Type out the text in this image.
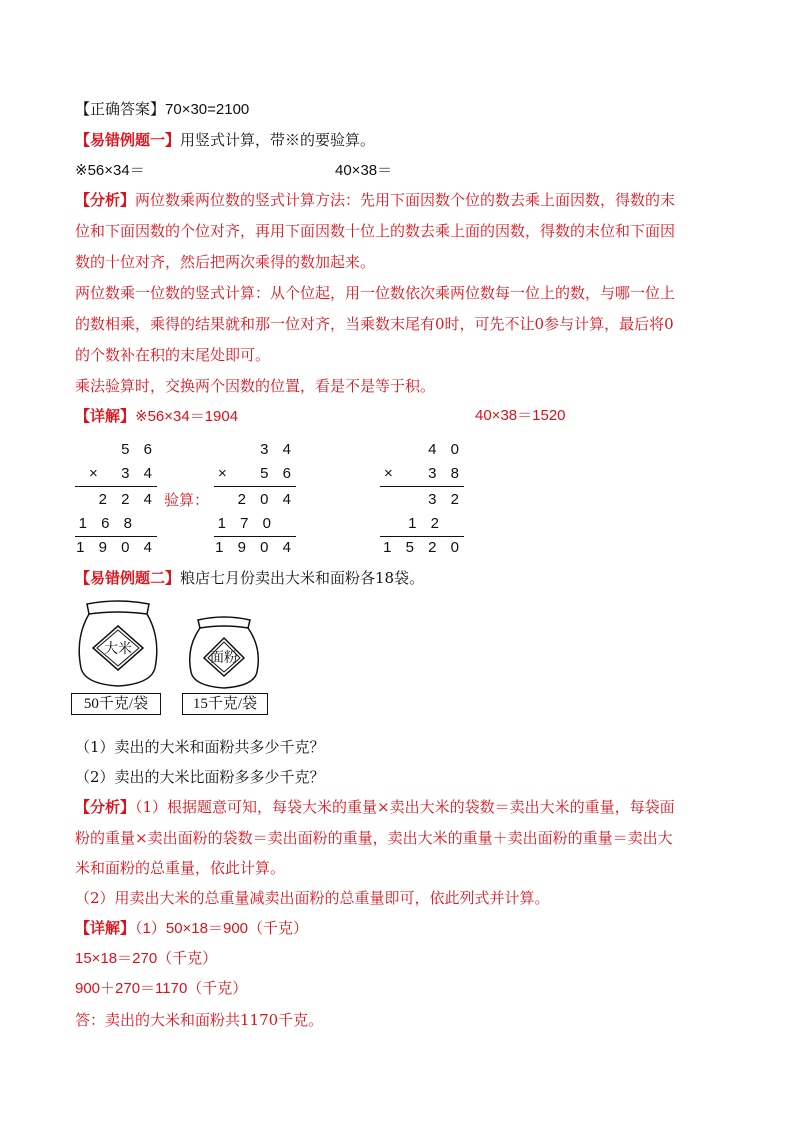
【正确答案】70×30=2100
【易错例题一】用竖式计算，带※的要验算。
※56×34＝	40×38＝
【分析】两位数乘两位数的竖式计算方法：先用下面因数个位的数去乘上面因数，得数的末
位和下面因数的个位对齐，再用下面因数十位上的数去乘上面的因数，得数的末位和下面因
数的十位对齐，然后把两次乘得的数加起来。
两位数乘一位数的竖式计算：从个位起，用一位数依次乘两位数每一位上的数，与哪一位上
的数相乘，乘得的结果就和那一位对齐，当乘数末尾有0时，可先不让0参与计算，最后将0
的个数补在积的末尾处即可。
乘法验算时，交换两个因数的位置，看是不是等于积。
【详解】※56×34＝1904	40×38＝1520
5 6
× 3 4
2 2 4
1 6 8
1 9 0 4
验算：
3 4
× 5 6
2 0 4
1 7 0
1 9 0 4
4 0
× 3 8
3 2
1 2
1 5 2 0
【易错例题二】粮店七月份卖出大米和面粉各18袋。
大米
50千克/袋
面粉
15千克/袋
（1）卖出的大米和面粉共多少千克？
（2）卖出的大米比面粉多多少千克？
【分析】（1）根据题意可知，每袋大米的重量×卖出大米的袋数＝卖出大米的重量，每袋面
粉的重量×卖出面粉的袋数＝卖出面粉的重量，卖出大米的重量＋卖出面粉的重量＝卖出大
米和面粉的总重量，依此计算。
（2）用卖出大米的总重量减卖出面粉的总重量即可，依此列式并计算。
【详解】（1）50×18＝900（千克）
15×18＝270（千克）
900＋270＝1170（千克）
答：卖出的大米和面粉共1170千克。
